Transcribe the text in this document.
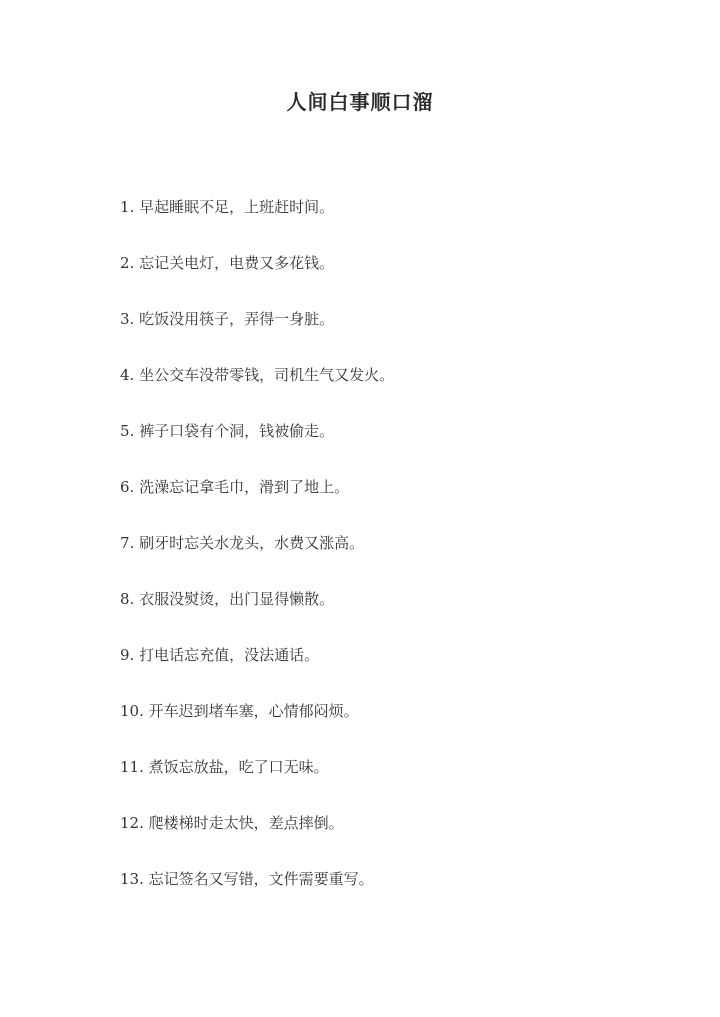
人间白事顺口溜
1. 早起睡眠不足，上班赶时间。
2. 忘记关电灯，电费又多花钱。
3. 吃饭没用筷子，弄得一身脏。
4. 坐公交车没带零钱，司机生气又发火。
5. 裤子口袋有个洞，钱被偷走。
6. 洗澡忘记拿毛巾，滑到了地上。
7. 刷牙时忘关水龙头，水费又涨高。
8. 衣服没熨烫，出门显得懒散。
9. 打电话忘充值，没法通话。
10. 开车迟到堵车塞，心情郁闷烦。
11. 煮饭忘放盐，吃了口无味。
12. 爬楼梯时走太快，差点摔倒。
13. 忘记签名又写错，文件需要重写。
